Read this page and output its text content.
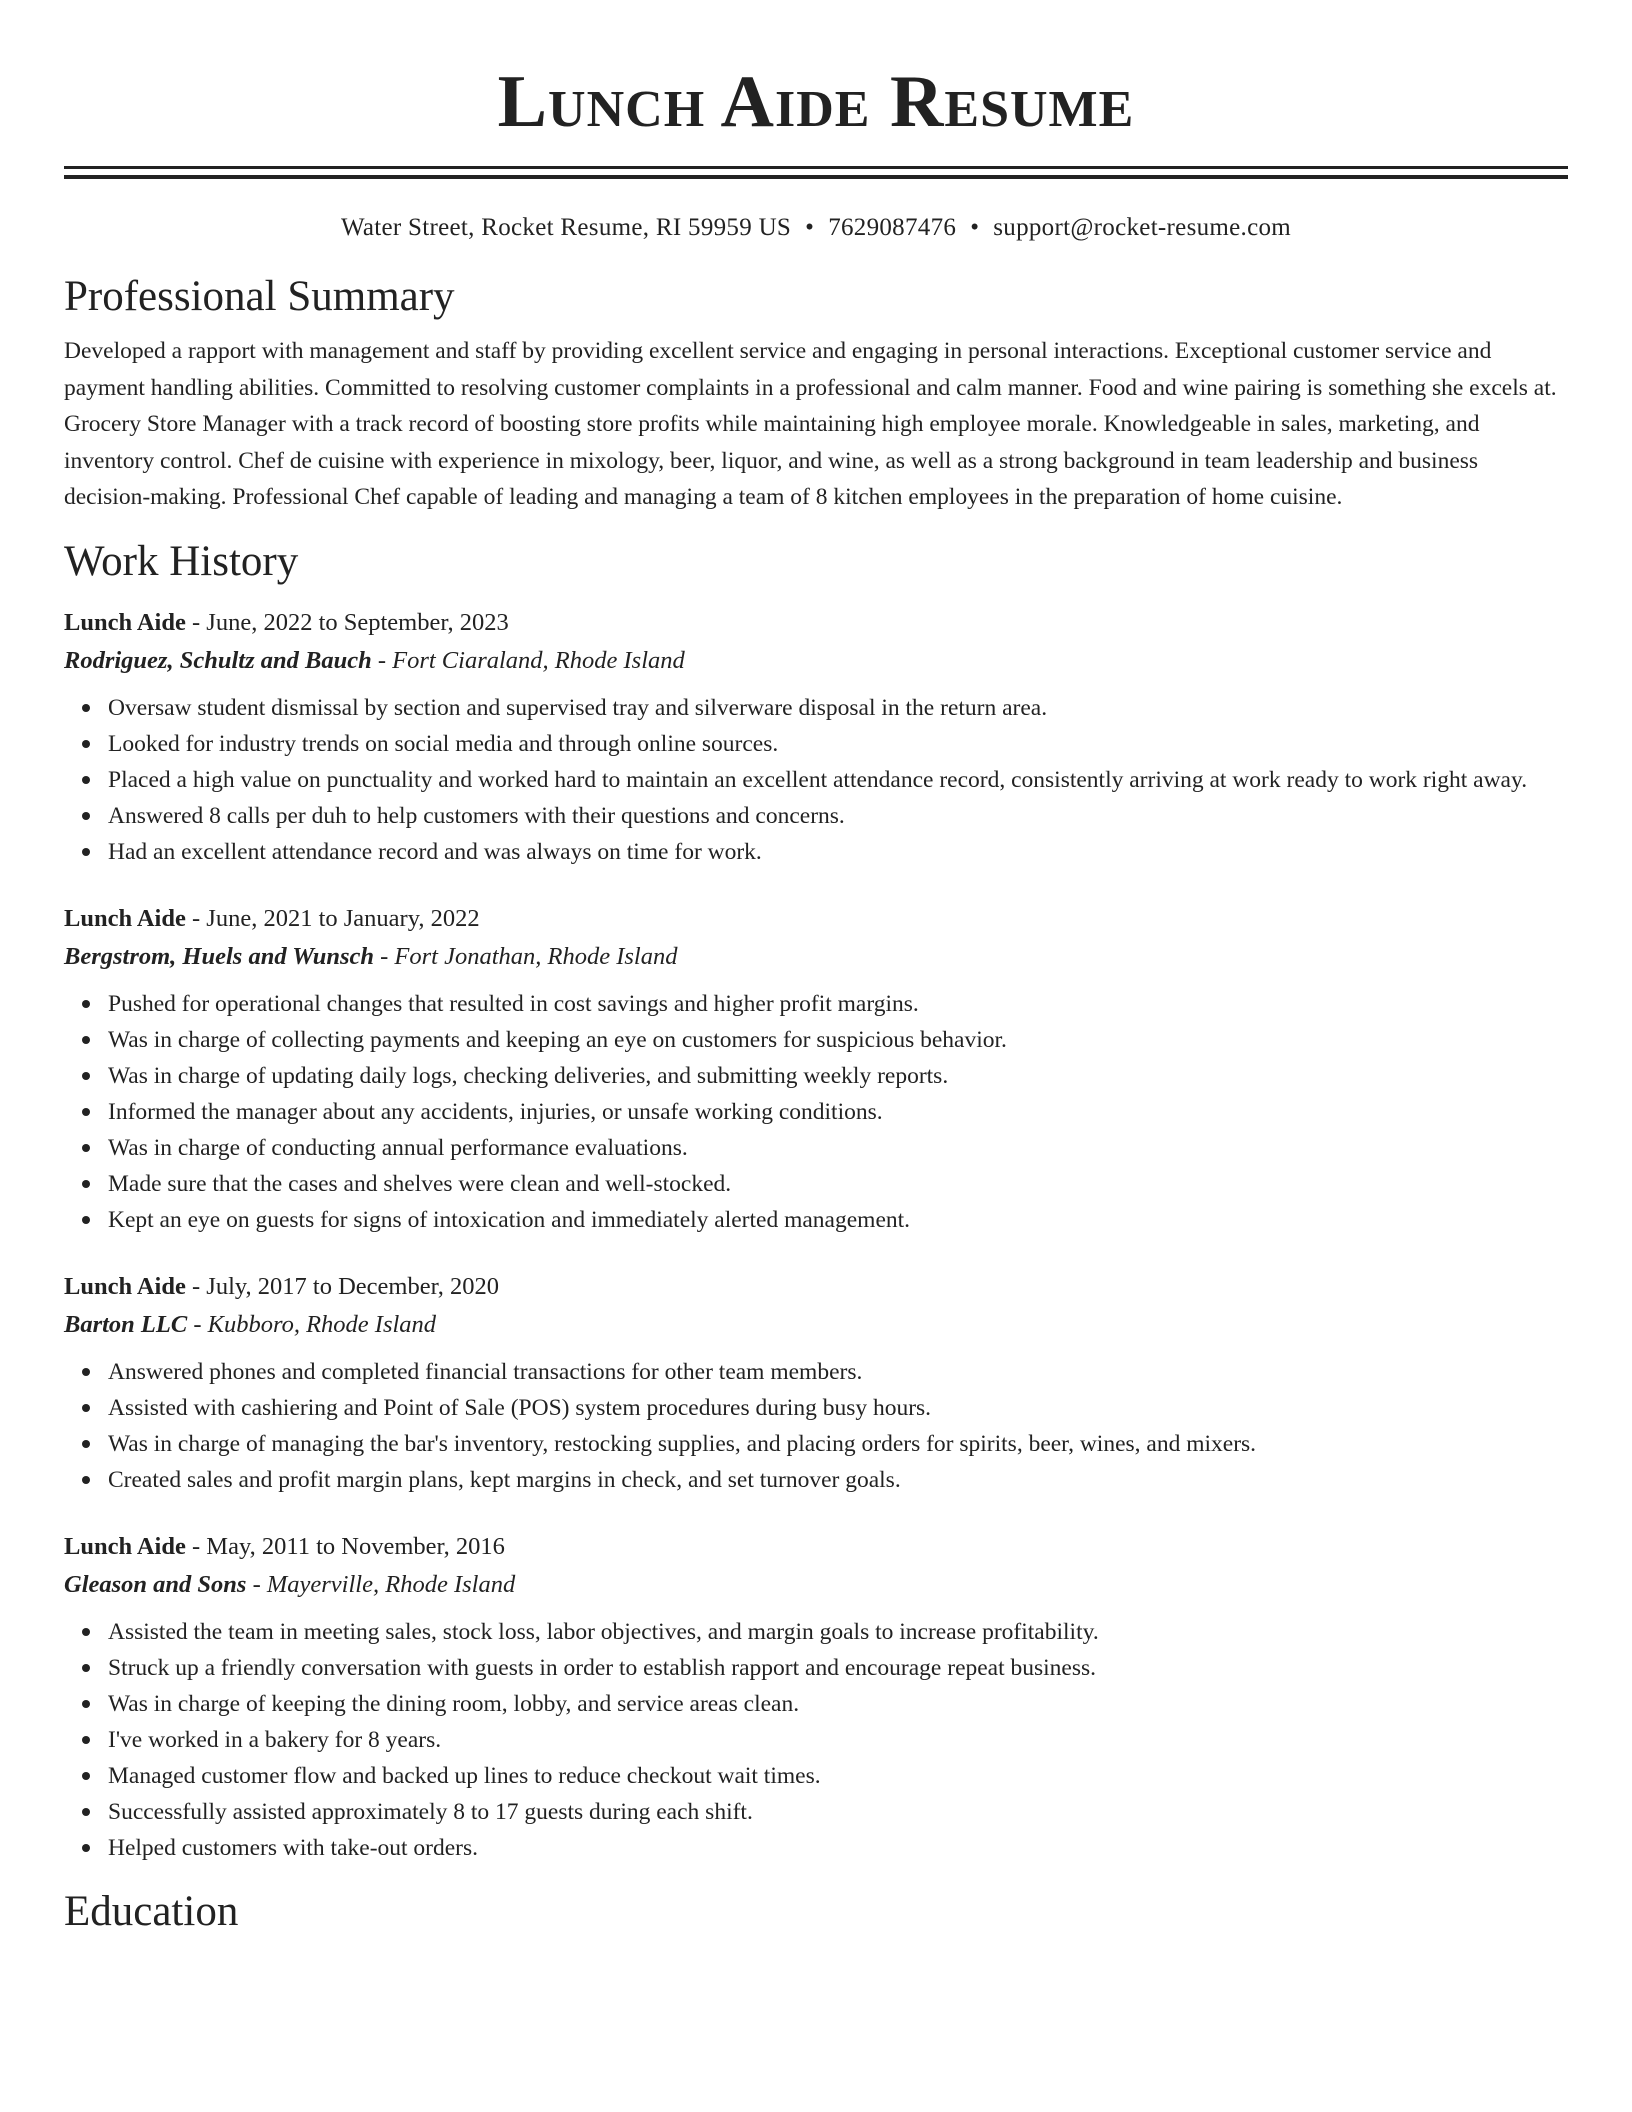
Lunch Aide Resume
Water Street, Rocket Resume, RI 59959 US • 7629087476 • support@rocket-resume.com
Professional Summary

Developed a rapport with management and staff by providing excellent service and engaging in personal interactions. Exceptional customer service and payment handling abilities. Committed to resolving customer complaints in a professional and calm manner. Food and wine pairing is something she excels at. Grocery Store Manager with a track record of boosting store profits while maintaining high employee morale. Knowledgeable in sales, marketing, and inventory control. Chef de cuisine with experience in mixology, beer, liquor, and wine, as well as a strong background in team leadership and business decision-making. Professional Chef capable of leading and managing a team of 8 kitchen employees in the preparation of home cuisine.

Work History
Lunch Aide - June, 2022 to September, 2023
Rodriguez, Schultz and Bauch - Fort Ciaraland, Rhode Island
Oversaw student dismissal by section and supervised tray and silverware disposal in the return area.
Looked for industry trends on social media and through online sources.
Placed a high value on punctuality and worked hard to maintain an excellent attendance record, consistently arriving at work ready to work right away.
Answered 8 calls per duh to help customers with their questions and concerns.
Had an excellent attendance record and was always on time for work.
Lunch Aide - June, 2021 to January, 2022
Bergstrom, Huels and Wunsch - Fort Jonathan, Rhode Island
Pushed for operational changes that resulted in cost savings and higher profit margins.
Was in charge of collecting payments and keeping an eye on customers for suspicious behavior.
Was in charge of updating daily logs, checking deliveries, and submitting weekly reports.
Informed the manager about any accidents, injuries, or unsafe working conditions.
Was in charge of conducting annual performance evaluations.
Made sure that the cases and shelves were clean and well-stocked.
Kept an eye on guests for signs of intoxication and immediately alerted management.
Lunch Aide - July, 2017 to December, 2020
Barton LLC - Kubboro, Rhode Island
Answered phones and completed financial transactions for other team members.
Assisted with cashiering and Point of Sale (POS) system procedures during busy hours.
Was in charge of managing the bar's inventory, restocking supplies, and placing orders for spirits, beer, wines, and mixers.
Created sales and profit margin plans, kept margins in check, and set turnover goals.
Lunch Aide - May, 2011 to November, 2016
Gleason and Sons - Mayerville, Rhode Island
Assisted the team in meeting sales, stock loss, labor objectives, and margin goals to increase profitability.
Struck up a friendly conversation with guests in order to establish rapport and encourage repeat business.
Was in charge of keeping the dining room, lobby, and service areas clean.
I've worked in a bakery for 8 years.
Managed customer flow and backed up lines to reduce checkout wait times.
Successfully assisted approximately 8 to 17 guests during each shift.
Helped customers with take-out orders.
Education
